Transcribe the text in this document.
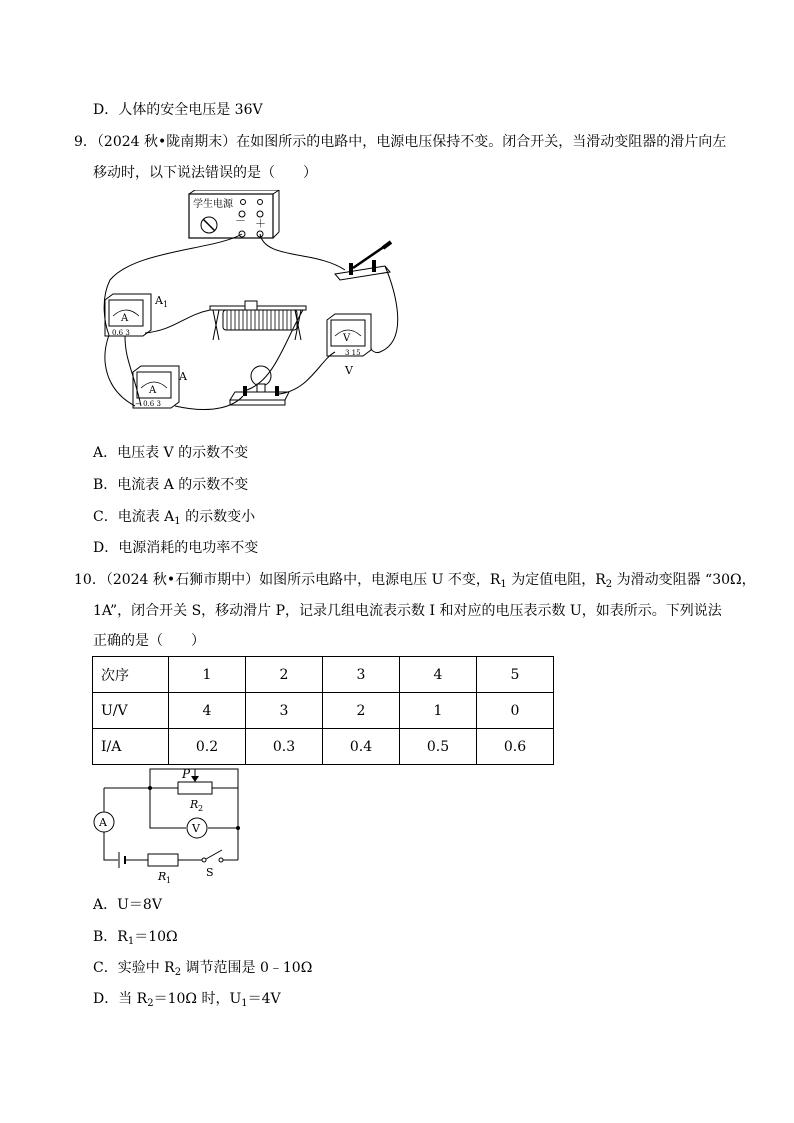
D．人体的安全电压是 36V
9．（2024 秋•陇南期末）在如图所示的电路中，电源电压保持不变。闭合开关，当滑动变阻器的滑片向左
移动时，以下说法错误的是（　　）
学生电源
－ ＋
A
0.6 3
A 1
V
3 15
V
A
− 0.6 3
A
A．电压表 V 的示数不变
B．电流表 A 的示数不变
C．电流表 $A_1$ 的示数变小
D．电源消耗的电功率不变
10．（2024 秋•石狮市期中）如图所示电路中，电源电压 U 不变，$R_1$ 为定值电阻，$R_2$ 为滑动变阻器 “30Ω，
1A”，闭合开关 S，移动滑片 P，记录几组电流表示数 I 和对应的电压表示数 U，如表所示。下列说法
正确的是（　　）
次序	1	2	3	4	5
U/V	4	3	2	1	0
I/A	0.2	0.3	0.4	0.5	0.6
A	V
P
R 2
R 1
S
A．U＝8V
B．$R_1=10\Omega$
C．实验中 $R_2$ 调节范围是 0﹣10Ω
D．当 $R_2=10\Omega$ 时，$U_1=4V$
